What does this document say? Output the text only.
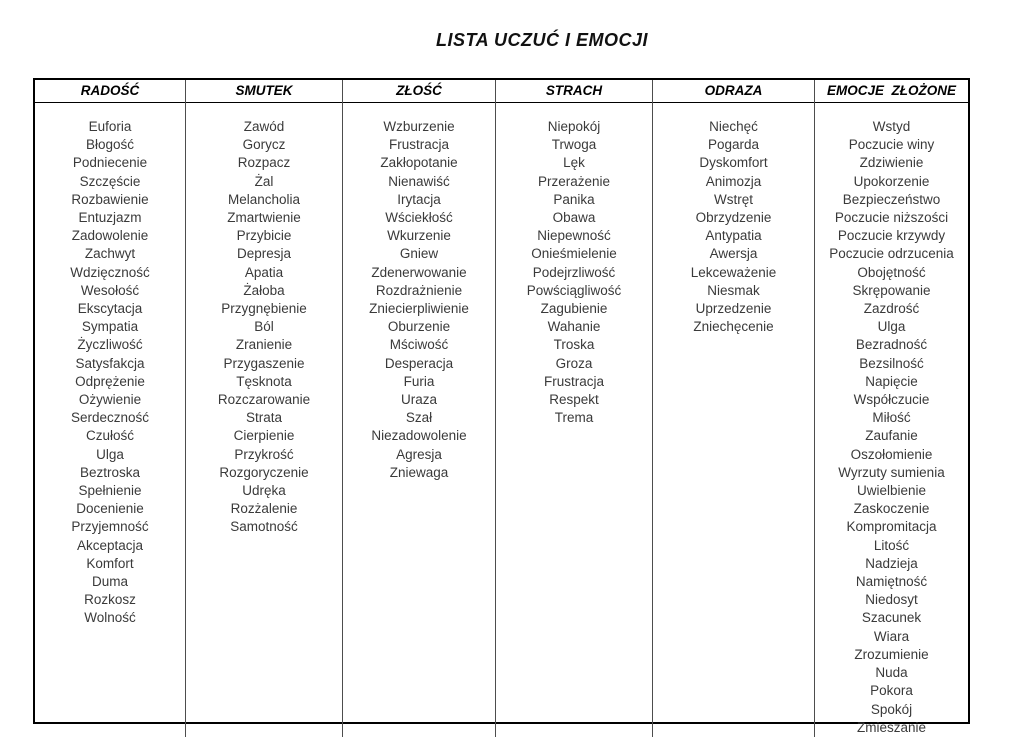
LISTA UCZUĆ I EMOCJI
RADOŚĆ
Euforia
Błogość
Podniecenie
Szczęście
Rozbawienie
Entuzjazm
Zadowolenie
Zachwyt
Wdzięczność
Wesołość
Ekscytacja
Sympatia
Życzliwość
Satysfakcja
Odprężenie
Ożywienie
Serdeczność
Czułość
Ulga
Beztroska
Spełnienie
Docenienie
Przyjemność
Akceptacja
Komfort
Duma
Rozkosz
Wolność
SMUTEK
Zawód
Gorycz
Rozpacz
Żal
Melancholia
Zmartwienie
Przybicie
Depresja
Apatia
Żałoba
Przygnębienie
Ból
Zranienie
Przygaszenie
Tęsknota
Rozczarowanie
Strata
Cierpienie
Przykrość
Rozgoryczenie
Udręka
Rozżalenie
Samotność
ZŁOŚĆ
Wzburzenie
Frustracja
Zakłopotanie
Nienawiść
Irytacja
Wściekłość
Wkurzenie
Gniew
Zdenerwowanie
Rozdrażnienie
Zniecierpliwienie
Oburzenie
Mściwość
Desperacja
Furia
Uraza
Szał
Niezadowolenie
Agresja
Zniewaga
STRACH
Niepokój
Trwoga
Lęk
Przerażenie
Panika
Obawa
Niepewność
Onieśmielenie
Podejrzliwość
Powściągliwość
Zagubienie
Wahanie
Troska
Groza
Frustracja
Respekt
Trema
ODRAZA
Niechęć
Pogarda
Dyskomfort
Animozja
Wstręt
Obrzydzenie
Antypatia
Awersja
Lekceważenie
Niesmak
Uprzedzenie
Zniechęcenie
EMOCJE  ZŁOŻONE
Wstyd
Poczucie winy
Zdziwienie
Upokorzenie
Bezpieczeństwo
Poczucie niższości
Poczucie krzywdy
Poczucie odrzucenia
Obojętność
Skrępowanie
Zazdrość
Ulga
Bezradność
Bezsilność
Napięcie
Współczucie
Miłość
Zaufanie
Oszołomienie
Wyrzuty sumienia
Uwielbienie
Zaskoczenie
Kompromitacja
Litość
Nadzieja
Namiętność
Niedosyt
Szacunek
Wiara
Zrozumienie
Nuda
Pokora
Spokój
Zmieszanie
